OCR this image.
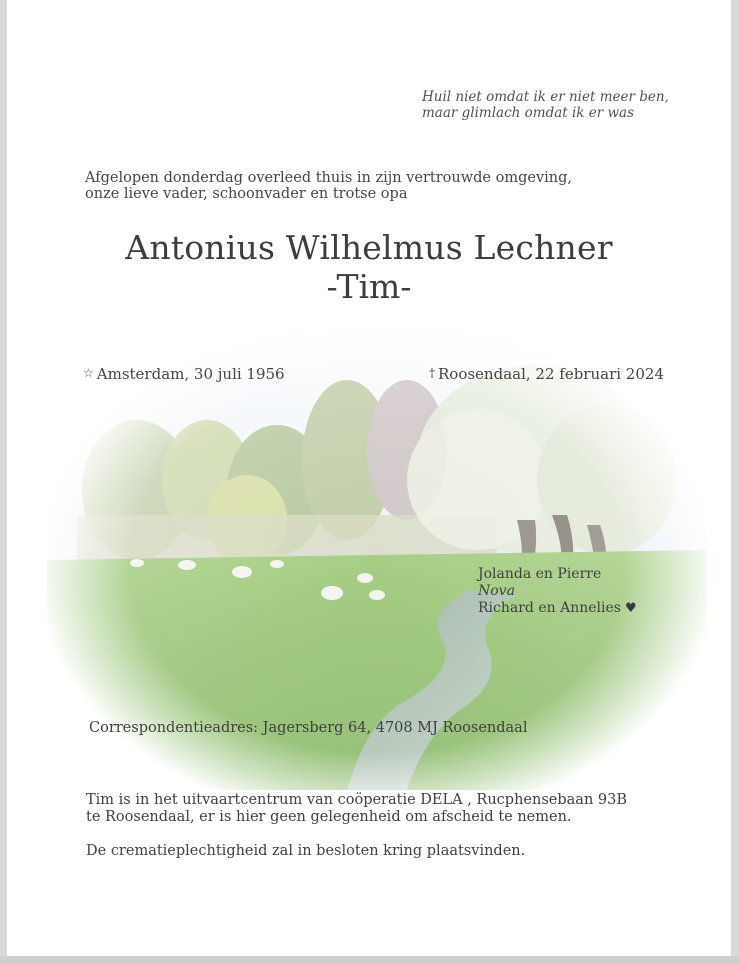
Huil niet omdat ik er niet meer ben,
maar glimlach omdat ik er was
Afgelopen donderdag overleed thuis in zijn vertrouwde omgeving,
onze lieve vader, schoonvader en trotse opa
Antonius Wilhelmus Lechner
-Tim-
☆ Amsterdam, 30 juli 1956	† Roosendaal, 22 februari 2024
Jolanda en Pierre
Nova
Richard en Annelies ♥
Correspondentieadres: Jagersberg 64, 4708 MJ Roosendaal
Tim is in het uitvaartcentrum van coöperatie DELA , Rucphensebaan 93B
te Roosendaal, er is hier geen gelegenheid om afscheid te nemen.
De crematieplechtigheid zal in besloten kring plaatsvinden.
